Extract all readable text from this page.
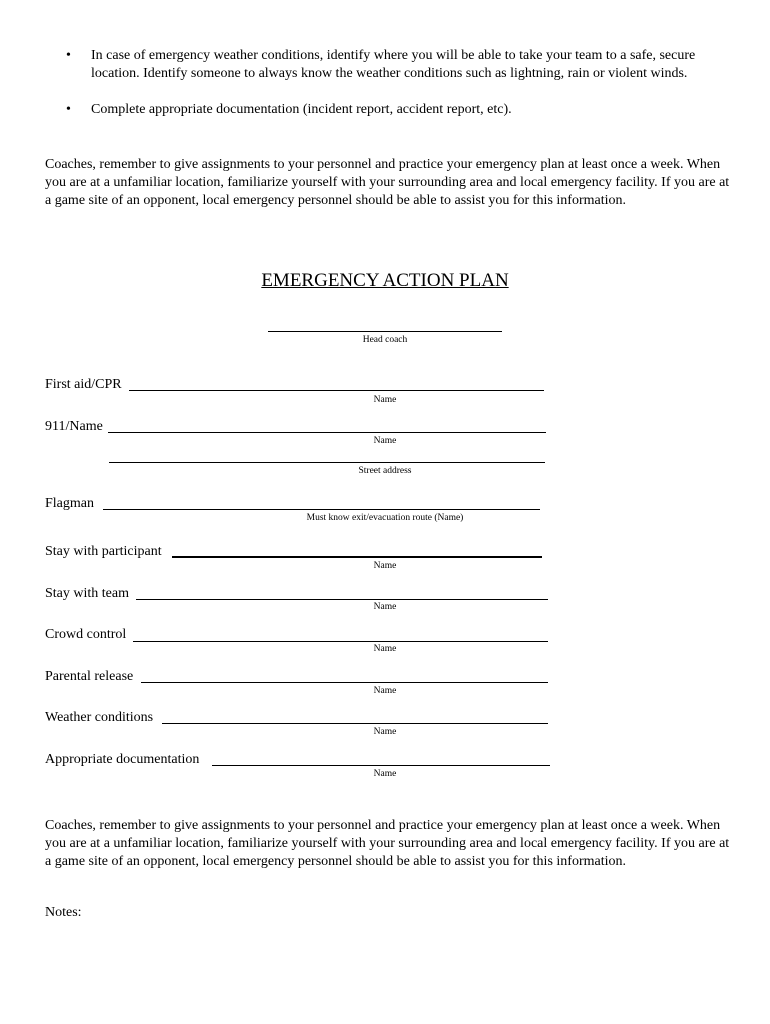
• In case of emergency weather conditions, identify where you will be able to take your team to a safe, secure location. Identify someone to always know the weather conditions such as lightning, rain or violent winds.
• Complete appropriate documentation (incident report, accident report, etc).

Coaches, remember to give assignments to your personnel and practice your emergency plan at least once a week. When you are at a unfamiliar location, familiarize yourself with your surrounding area and local emergency facility. If you are at a game site of an opponent, local emergency personnel should be able to assist you for this information.

EMERGENCY ACTION PLAN
Head coach
First aid/CPR
Name
911/Name
Name
Street address
Flagman
Must know exit/evacuation route (Name)
Stay with participant
Name
Stay with team
Name
Crowd control
Name
Parental release
Name
Weather conditions
Name
Appropriate documentation
Name

Coaches, remember to give assignments to your personnel and practice your emergency plan at least once a week. When you are at a unfamiliar location, familiarize yourself with your surrounding area and local emergency facility. If you are at a game site of an opponent, local emergency personnel should be able to assist you for this information.

Notes:
